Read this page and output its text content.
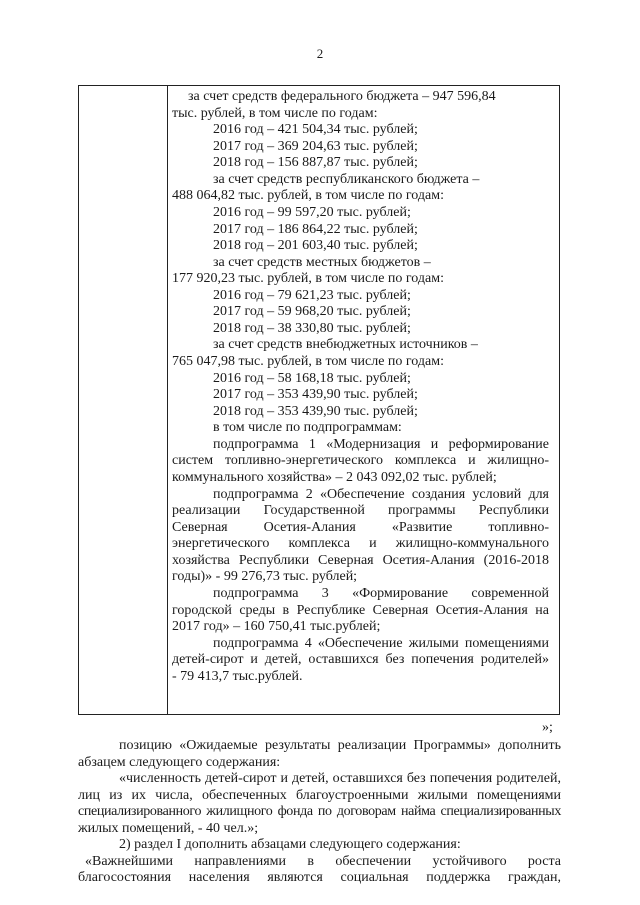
2

за счет средств федерального бюджета – 947 596,84

тыс. рублей, в том числе по годам:

2016 год – 421 504,34 тыс. рублей;

2017 год – 369 204,63 тыс. рублей;

2018 год – 156 887,87 тыс. рублей;

за счет средств республиканского бюджета –

488 064,82 тыс. рублей, в том числе по годам:

2016 год – 99 597,20 тыс. рублей;

2017 год – 186 864,22 тыс. рублей;

2018 год – 201 603,40 тыс. рублей;

за счет средств местных бюджетов –

177 920,23 тыс. рублей, в том числе по годам:

2016 год – 79 621,23 тыс. рублей;

2017 год – 59 968,20 тыс. рублей;

2018 год – 38 330,80 тыс. рублей;

за счет средств внебюджетных источников –

765 047,98 тыс. рублей, в том числе по годам:

2016 год – 58 168,18 тыс. рублей;

2017 год – 353 439,90 тыс. рублей;

2018 год – 353 439,90 тыс. рублей;

в том числе по подпрограммам:

подпрограмма 1 «Модернизация и реформирование

систем топливно-энергетического комплекса и жилищно-

коммунального хозяйства» – 2 043 092,02 тыс. рублей;

подпрограмма 2 «Обеспечение создания условий для

реализации Государственной программы Республики

Северная Осетия-Алания «Развитие топливно-

энергетического комплекса и жилищно-коммунального

хозяйства Республики Северная Осетия-Алания (2016-2018

годы)» - 99 276,73 тыс. рублей;

подпрограмма 3 «Формирование современной

городской среды в Республике Северная Осетия-Алания на

2017 год» – 160 750,41 тыс.рублей;

подпрограмма 4 «Обеспечение жилыми помещениями

детей-сирот и детей, оставшихся без попечения родителей»

- 79 413,7 тыс.рублей.

»;

позицию «Ожидаемые результаты реализации Программы» дополнить

абзацем следующего содержания:

«численность детей-сирот и детей, оставшихся без попечения родителей,

лиц из их числа, обеспеченных благоустроенными жилыми помещениями

специализированного жилищного фонда по договорам найма специализированных

жилых помещений, - 40 чел.»;

2) раздел I дополнить абзацами следующего содержания:

«Важнейшими направлениями в обеспечении устойчивого роста

благосостояния населения являются социальная поддержка граждан,
